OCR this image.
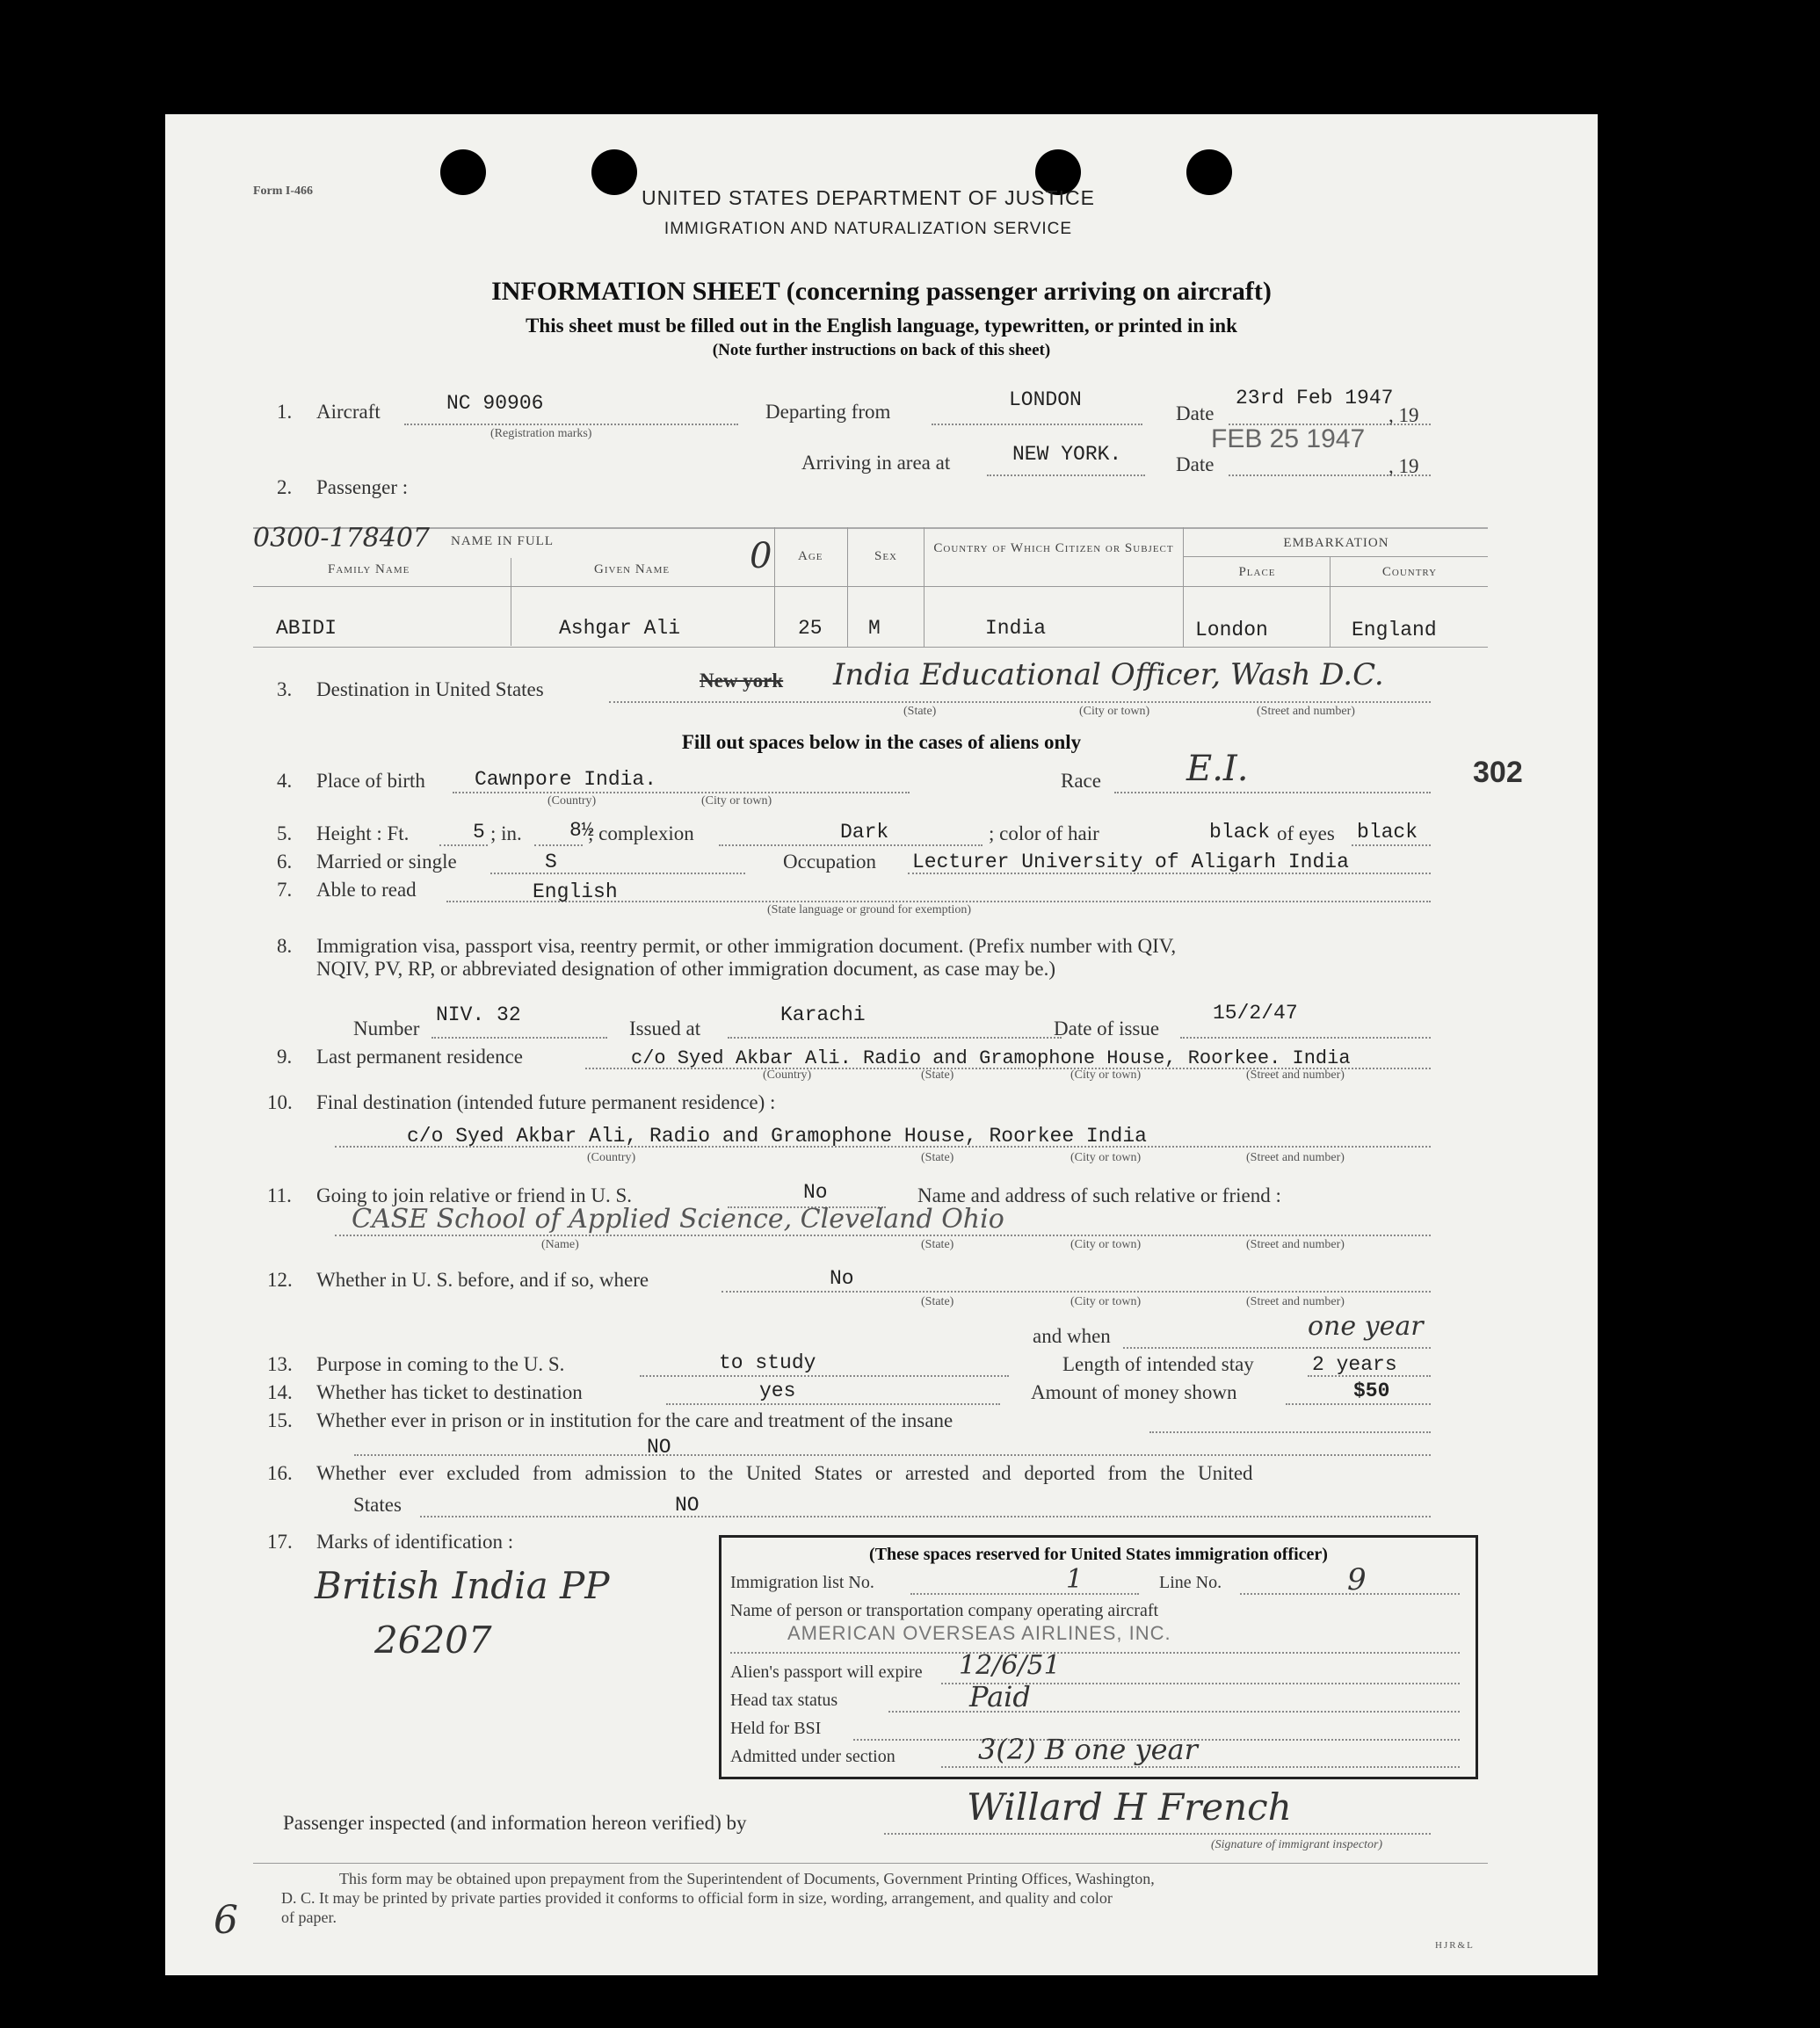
Form I-466	UNITED STATES DEPARTMENT OF JUSTICE
IMMIGRATION AND NATURALIZATION SERVICE
INFORMATION SHEET (concerning passenger arriving on aircraft)
This sheet must be filled out in the English language, typewritten, or printed in ink
(Note further instructions on back of this sheet)
1. Aircraft	NC 90906
(Registration marks)
Departing from
LONDON
Date
23rd Feb 1947
, 19
Arriving in area at	NEW YORK.	Date
FEB 25 1947
, 19
2. Passenger :
0300-178407 NAME IN FULL	0
Family Name	Given Name
Age	Sex
Country of Which Citizen or Subject	EMBARKATION
Place	Country
ABIDI	Ashgar Ali	25 M	India	London	England
3. Destination in United States	New york India Educational Officer, Wash D.C.
(State)	(City or town)	(Street and number)
Fill out spaces below in the cases of aliens only
4. Place of birth Cawnpore India.
(Country)	(City or town)
Race E.I.	302
5. Height : Ft.	5 ; in. 8½
; complexion	Dark	; color of hair	black of eyes black
6. Married or single	S	Occupation Lecturer University of Aligarh India
7. Able to read	English
(State language or ground for exemption)
8. Immigration visa, passport visa, reentry permit, or other immigration document. (Prefix number with QIV,
NQIV, PV, RP, or abbreviated designation of other immigration document, as case may be.)
Number
NIV. 32
Issued at
Karachi
Date of issue
15/2/47
9. Last permanent residence	c/o Syed Akbar Ali. Radio and Gramophone House, Roorkee. India
(Country)	(State)	(City or town)	(Street and number)
10. Final destination (intended future permanent residence) :
c/o Syed Akbar Ali, Radio and Gramophone House, Roorkee India
(Country)	(State)	(City or town)	(Street and number)
11. Going to join relative or friend in U. S.	No	Name and address of such relative or friend :
CASE School of Applied Science, Cleveland Ohio
(Name)	(State)	(City or town)	(Street and number)
12. Whether in U. S. before, and if so, where	No
(State)	(City or town)	(Street and number)
and when	one year
13. Purpose in coming to the U. S.	to study	Length of intended stay	2 years
14. Whether has ticket to destination	yes	Amount of money shown	$50
15. Whether ever in prison or in institution for the care and treatment of the insane
NO
16. Whether ever excluded from admission to the United States or arrested and deported from the United
States	NO
17. Marks of identification :
British India PP
26207
(These spaces reserved for United States immigration officer)
Immigration list No.	1	Line No.	9
Name of person or transportation company operating aircraft
AMERICAN OVERSEAS AIRLINES, INC.
Alien's passport will expire 12/6/51
Head tax status	Paid
Held for BSI
Admitted under section	3(2) B one year
Passenger inspected (and information hereon verified) by	Willard H French
(Signature of immigrant inspector)
This form may be obtained upon prepayment from the Superintendent of Documents, Government Printing Offices, Washington,
D. C. It may be printed by private parties provided it conforms to official form in size, wording, arrangement, and quality and color
of paper.
6
HJR&L
